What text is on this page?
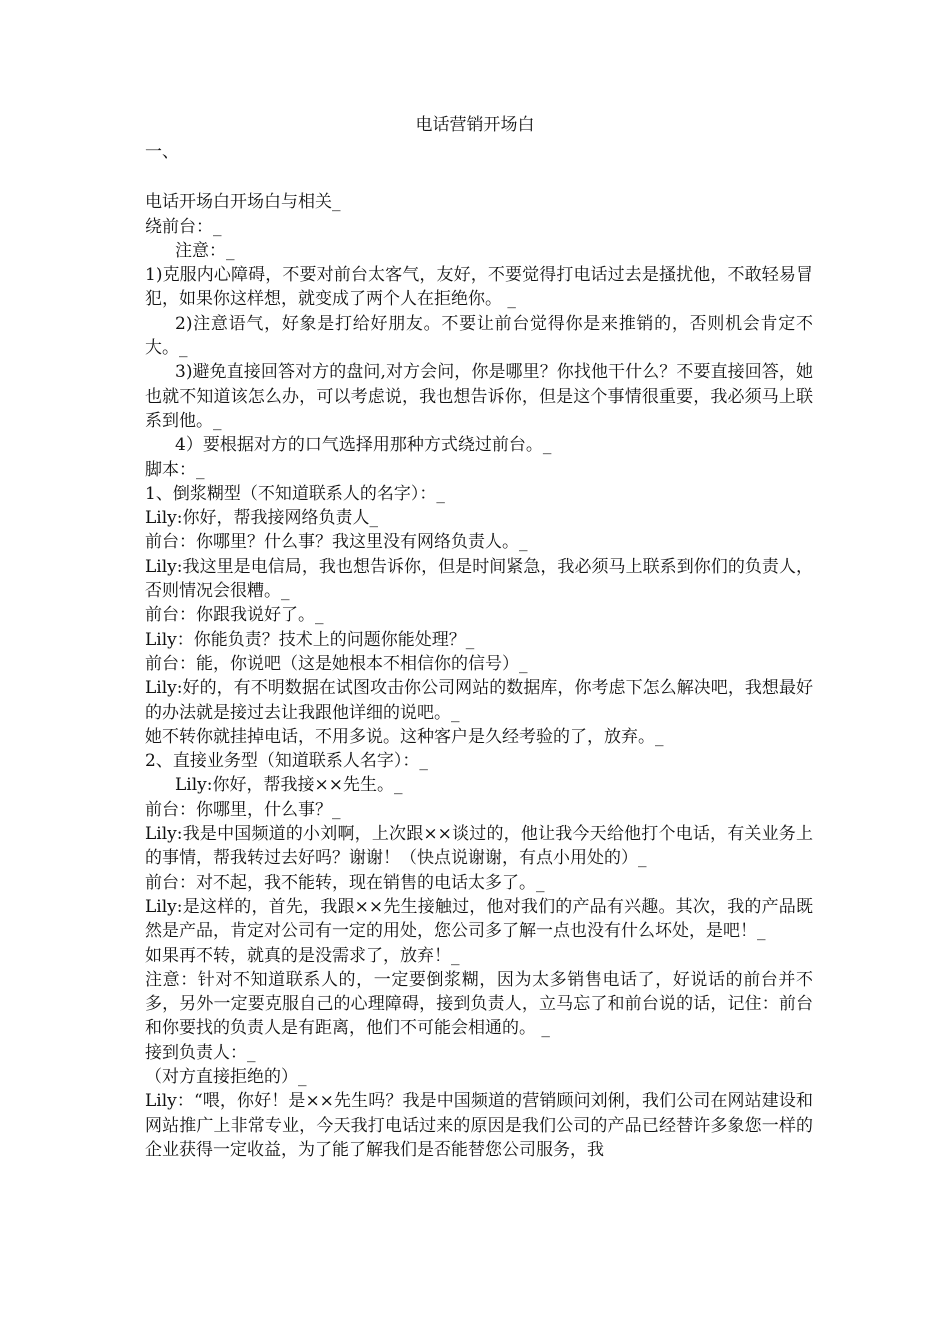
电话营销开场白

一、

电话开场白开场白与相关_

绕前台：_

注意：_

1)克服内心障碍，不要对前台太客气，友好，不要觉得打电话过去是搔扰他，不敢轻易冒犯，如果你这样想，就变成了两个人在拒绝你。 _

2)注意语气，好象是打给好朋友。不要让前台觉得你是来推销的，否则机会肯定不大。_

3)避免直接回答对方的盘问,对方会问，你是哪里？你找他干什么？不要直接回答，她也就不知道该怎么办，可以考虑说，我也想告诉你，但是这个事情很重要，我必须马上联系到他。_

4）要根据对方的口气选择用那种方式绕过前台。_

脚本：_

1、倒浆糊型（不知道联系人的名字）：_

Lily:你好，帮我接网络负责人_

前台：你哪里？什么事？我这里没有网络负责人。_

Lily:我这里是电信局，我也想告诉你，但是时间紧急，我必须马上联系到你们的负责人，否则情况会很糟。_

前台：你跟我说好了。_

Lily：你能负责？技术上的问题你能处理？_

前台：能，你说吧（这是她根本不相信你的信号）_

Lily:好的，有不明数据在试图攻击你公司网站的数据库，你考虑下怎么解决吧，我想最好的办法就是接过去让我跟他详细的说吧。_

她不转你就挂掉电话，不用多说。这种客户是久经考验的了，放弃。_

2、直接业务型（知道联系人名字）：_

Lily:你好，帮我接××先生。_

前台：你哪里，什么事？_

Lily:我是中国频道的小刘啊，上次跟××谈过的，他让我今天给他打个电话，有关业务上的事情，帮我转过去好吗？谢谢！（快点说谢谢，有点小用处的）_

前台：对不起，我不能转，现在销售的电话太多了。_

Lily:是这样的，首先，我跟××先生接触过，他对我们的产品有兴趣。其次，我的产品既然是产品，肯定对公司有一定的用处，您公司多了解一点也没有什么坏处，是吧！_

如果再不转，就真的是没需求了，放弃！_

注意：针对不知道联系人的，一定要倒浆糊，因为太多销售电话了，好说话的前台并不多，另外一定要克服自己的心理障碍，接到负责人，立马忘了和前台说的话，记住：前台和你要找的负责人是有距离，他们不可能会相通的。 _

接到负责人：_

（对方直接拒绝的）_

Lily：“喂，你好！是××先生吗？我是中国频道的营销顾问刘俐，我们公司在网站建设和网站推广上非常专业，今天我打电话过来的原因是我们公司的产品已经替许多象您一样的企业获得一定收益，为了能了解我们是否能替您公司服务，我
